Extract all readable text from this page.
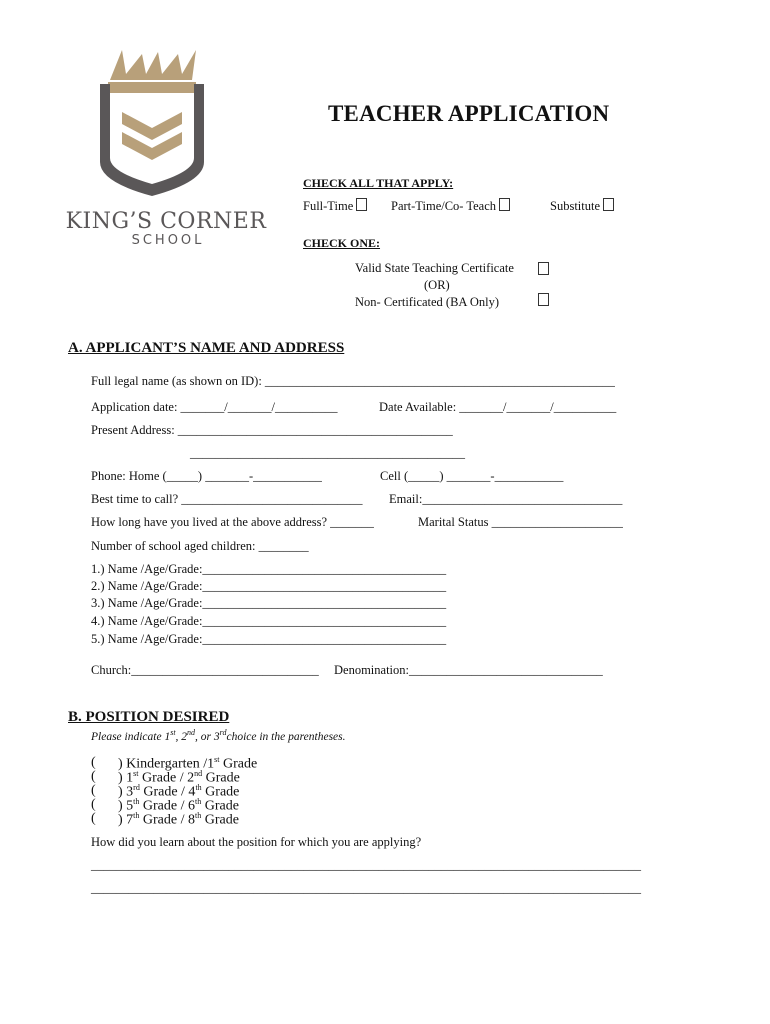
KING’S CORNER
SCHOOL
TEACHER APPLICATION
CHECK ALL THAT APPLY:
Full-Time	Part-Time/Co- Teach	Substitute
CHECK ONE:
Valid State Teaching Certificate
(OR)
Non- Certificated (BA Only)
A. APPLICANT’S NAME AND ADDRESS
Full legal name (as shown on ID): ________________________________________________________
Application date: _______/_______/__________	Date Available: _______/_______/__________
Present Address: ____________________________________________
____________________________________________
Phone: Home (_____) _______-___________	Cell (_____) _______-___________
Best time to call? _____________________________ Email:________________________________
How long have you lived at the above address? _______	Marital Status _____________________
Number of school aged children: ________
1.) Name /Age/Grade:_______________________________________
2.) Name /Age/Grade:_______________________________________
3.) Name /Age/Grade:_______________________________________
4.) Name /Age/Grade:_______________________________________
5.) Name /Age/Grade:_______________________________________
Church:______________________________ Denomination:_______________________________
B. POSITION DESIRED
Please indicate 1st, 2nd, or 3rdchoice in the parentheses.
( ) Kindergarten /1st Grade
( ) 1st Grade / 2nd Grade
( ) 3rd Grade / 4th Grade
( ) 5th Grade / 6th Grade
( ) 7th Grade / 8th Grade
How did you learn about the position for which you are applying?
________________________________________________________________________________________
________________________________________________________________________________________
